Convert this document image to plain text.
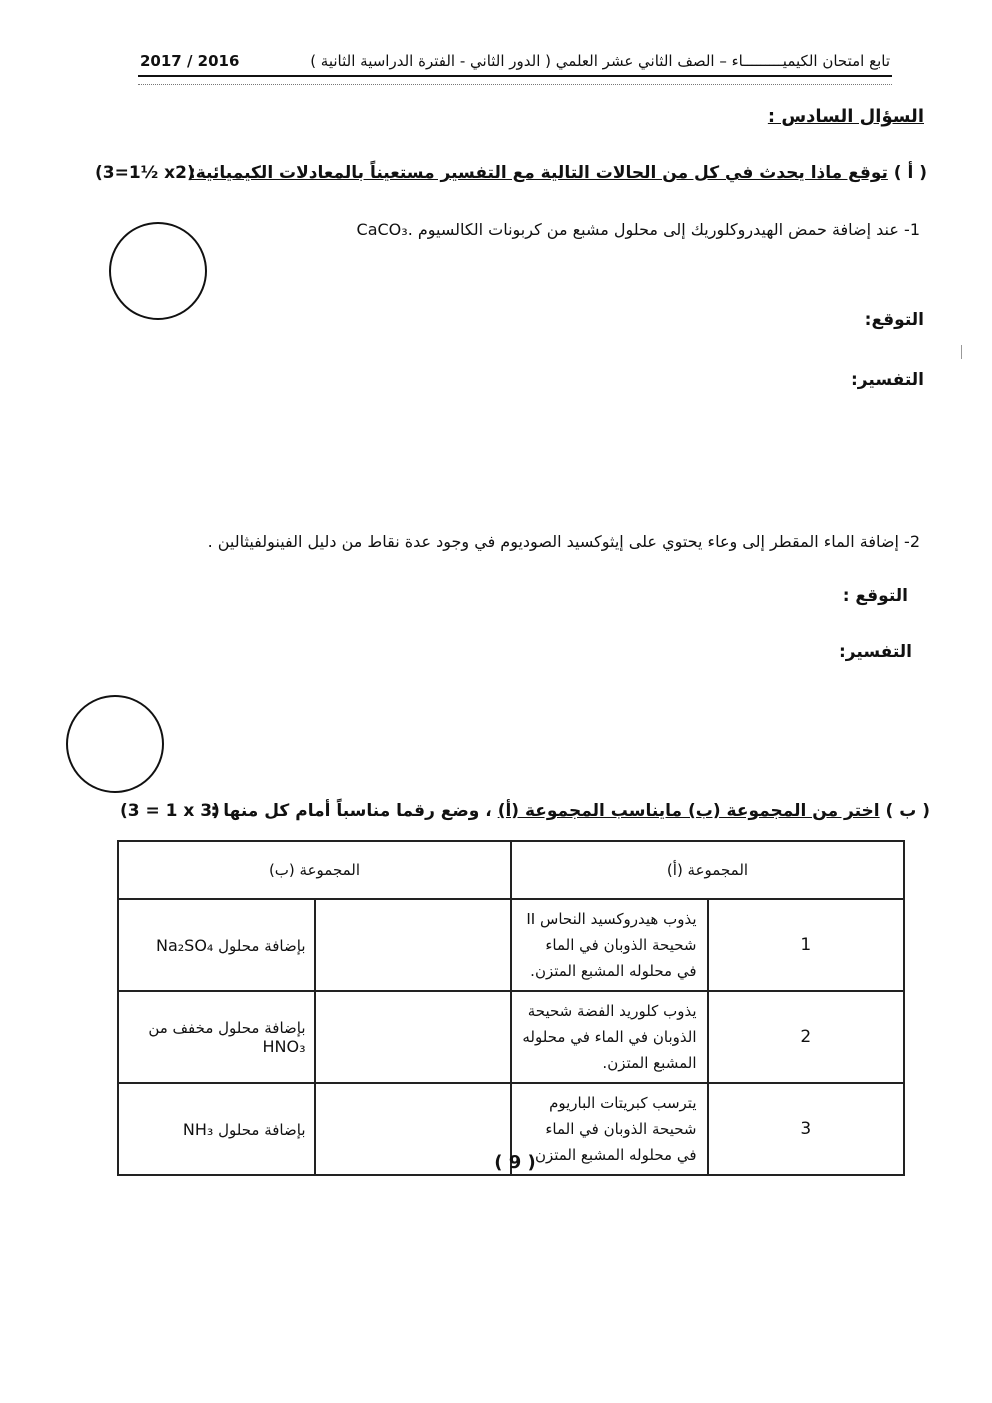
2017 / 2016	تابع امتحان الكيميـــــــــاء – الصف الثاني عشر العلمي ( الدور الثاني - الفترة الدراسية الثانية )
السؤال السادس :
(3=1½ x2)	( أ ) توقع ماذا يحدث في كل من الحالات التالية مع التفسير مستعيناً بالمعادلات الكيميائية:
1- عند إضافة حمض الهيدروكلوريك إلى محلول مشبع من كربونات الكالسيوم CaCO₃.
التوقع:
التفسير:
2- إضافة الماء المقطر إلى وعاء يحتوي على إيثوكسيد الصوديوم في وجود عدة نقاط من دليل الفينولفيثالين .
التوقع :
التفسير:
(3 = 1 x 3)	( ب ) اختر من المجموعة (ب) مايناسب المجموعة (أ) ، وضع رقما مناسباً أمام كل منها :
المجموعة (أ)		المجموعة (ب)	
1	يذوب هيدروكسيد النحاس II شحيحة الذوبان في الماء في محلوله المشبع المتزن.		بإضافة محلول Na₂SO₄
2	يذوب كلوريد الفضة شحيحة الذوبان في الماء في محلوله المشبع المتزن.		بإضافة محلول مخفف من HNO₃
3	يترسب كبريتات الباريوم شحيحة الذوبان في الماء في محلوله المشبع المتزن.		بإضافة محلول NH₃
( 9 )
